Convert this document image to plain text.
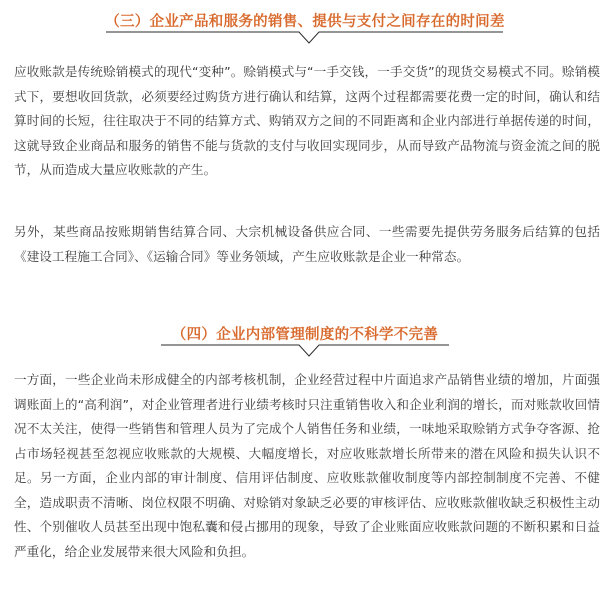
（三）企业产品和服务的销售、提供与支付之间存在的时间差

应收账款是传统赊销模式的现代“变种”。赊销模式与“一手交钱，一手交货”的现货交易模式不同。赊销模式下，要想收回货款，必须要经过购货方进行确认和结算，这两个过程都需要花费一定的时间，确认和结算时间的长短，往往取决于不同的结算方式、购销双方之间的不同距离和企业内部进行单据传递的时间，这就导致企业商品和服务的销售不能与货款的支付与收回实现同步，从而导致产品物流与资金流之间的脱节，从而造成大量应收账款的产生。

另外，某些商品按账期销售结算合同、大宗机械设备供应合同、一些需要先提供劳务服务后结算的包括《建设工程施工合同》、《运输合同》等业务领域，产生应收账款是企业一种常态。

（四）企业内部管理制度的不科学不完善

一方面，一些企业尚未形成健全的内部考核机制，企业经营过程中片面追求产品销售业绩的增加，片面强调账面上的“高利润”，对企业管理者进行业绩考核时只注重销售收入和企业利润的增长，而对账款收回情况不太关注，使得一些销售和管理人员为了完成个人销售任务和业绩，一味地采取赊销方式争夺客源、抢占市场轻视甚至忽视应收账款的大规模、大幅度增长，对应收账款增长所带来的潜在风险和损失认识不足。另一方面，企业内部的审计制度、信用评估制度、应收账款催收制度等内部控制制度不完善、不健全，造成职责不清晰、岗位权限不明确、对赊销对象缺乏必要的审核评估、应收账款催收缺乏积极性主动性、个别催收人员甚至出现中饱私囊和侵占挪用的现象，导致了企业账面应收账款问题的不断积累和日益严重化，给企业发展带来很大风险和负担。
